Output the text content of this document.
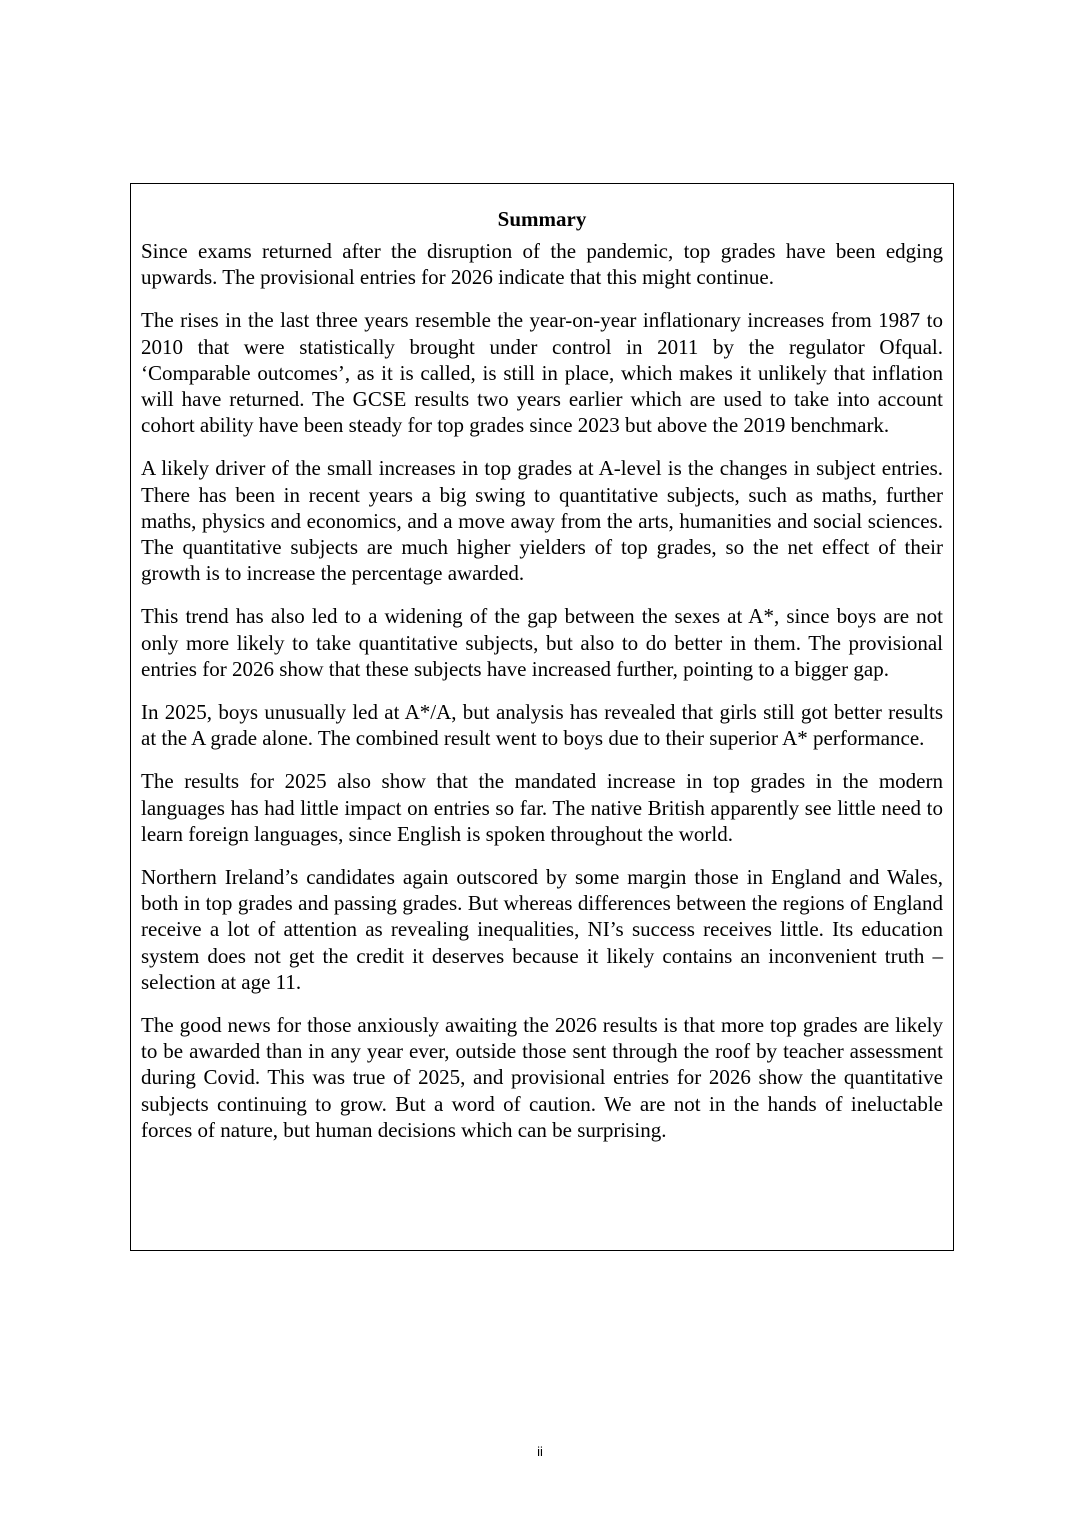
Summary

Since exams returned after the disruption of the pandemic, top grades have been edging upwards. The provisional entries for 2026 indicate that this might continue.

The rises in the last three years resemble the year-on-year inflationary increases from 1987 to 2010 that were statistically brought under control in 2011 by the regulator Ofqual. ‘Comparable outcomes’, as it is called, is still in place, which makes it unlikely that inflation will have returned. The GCSE results two years earlier which are used to take into account cohort ability have been steady for top grades since 2023 but above the 2019 benchmark.

A likely driver of the small increases in top grades at A-level is the changes in subject entries. There has been in recent years a big swing to quantitative subjects, such as maths, further maths, physics and economics, and a move away from the arts, humanities and social sciences. The quantitative subjects are much higher yielders of top grades, so the net effect of their growth is to increase the percentage awarded.

This trend has also led to a widening of the gap between the sexes at A*, since boys are not only more likely to take quantitative subjects, but also to do better in them. The provisional entries for 2026 show that these subjects have increased further, pointing to a bigger gap.

In 2025, boys unusually led at A*/A, but analysis has revealed that girls still got better results at the A grade alone. The combined result went to boys due to their superior A* performance.

The results for 2025 also show that the mandated increase in top grades in the modern languages has had little impact on entries so far. The native British apparently see little need to learn foreign languages, since English is spoken throughout the world.

Northern Ireland’s candidates again outscored by some margin those in England and Wales, both in top grades and passing grades. But whereas differences between the regions of England receive a lot of attention as revealing inequalities, NI’s success receives little. Its education system does not get the credit it deserves because it likely contains an inconvenient truth – selection at age 11.

The good news for those anxiously awaiting the 2026 results is that more top grades are likely to be awarded than in any year ever, outside those sent through the roof by teacher assessment during Covid. This was true of 2025, and provisional entries for 2026 show the quantitative subjects continuing to grow. But a word of caution. We are not in the hands of ineluctable forces of nature, but human decisions which can be surprising.

ii
